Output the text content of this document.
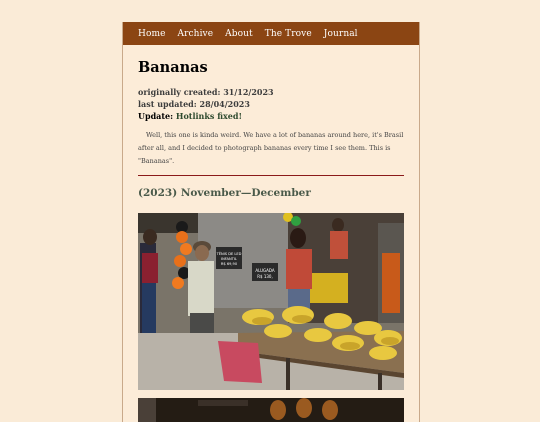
Home Archive About The Trove Journal
Bananas
originally created: 31/12/2023
last updated: 28/04/2023
Update: Hotlinks fixed!

Well, this one is kinda weird. We have a lot of bananas around here, it's Brasil after all, and I decided to photograph bananas every time I see them. This is "Bananas".

(2023) November—December
TÊNIS DE LED
INFANTIL
R$ 69,90
ALUGADA
R$ 130,
